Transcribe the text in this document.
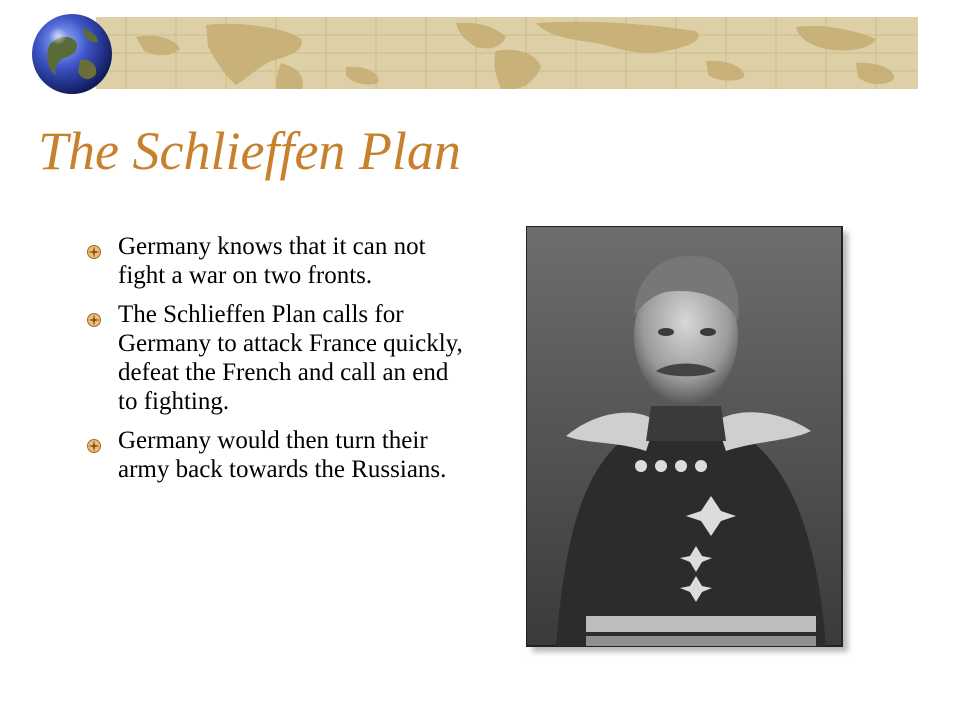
The Schlieffen Plan
Germany knows that it can not fight a war on two fronts.
The Schlieffen Plan calls for Germany to attack France quickly, defeat the French and call an end to fighting.
Germany would then turn their army back towards the Russians.
